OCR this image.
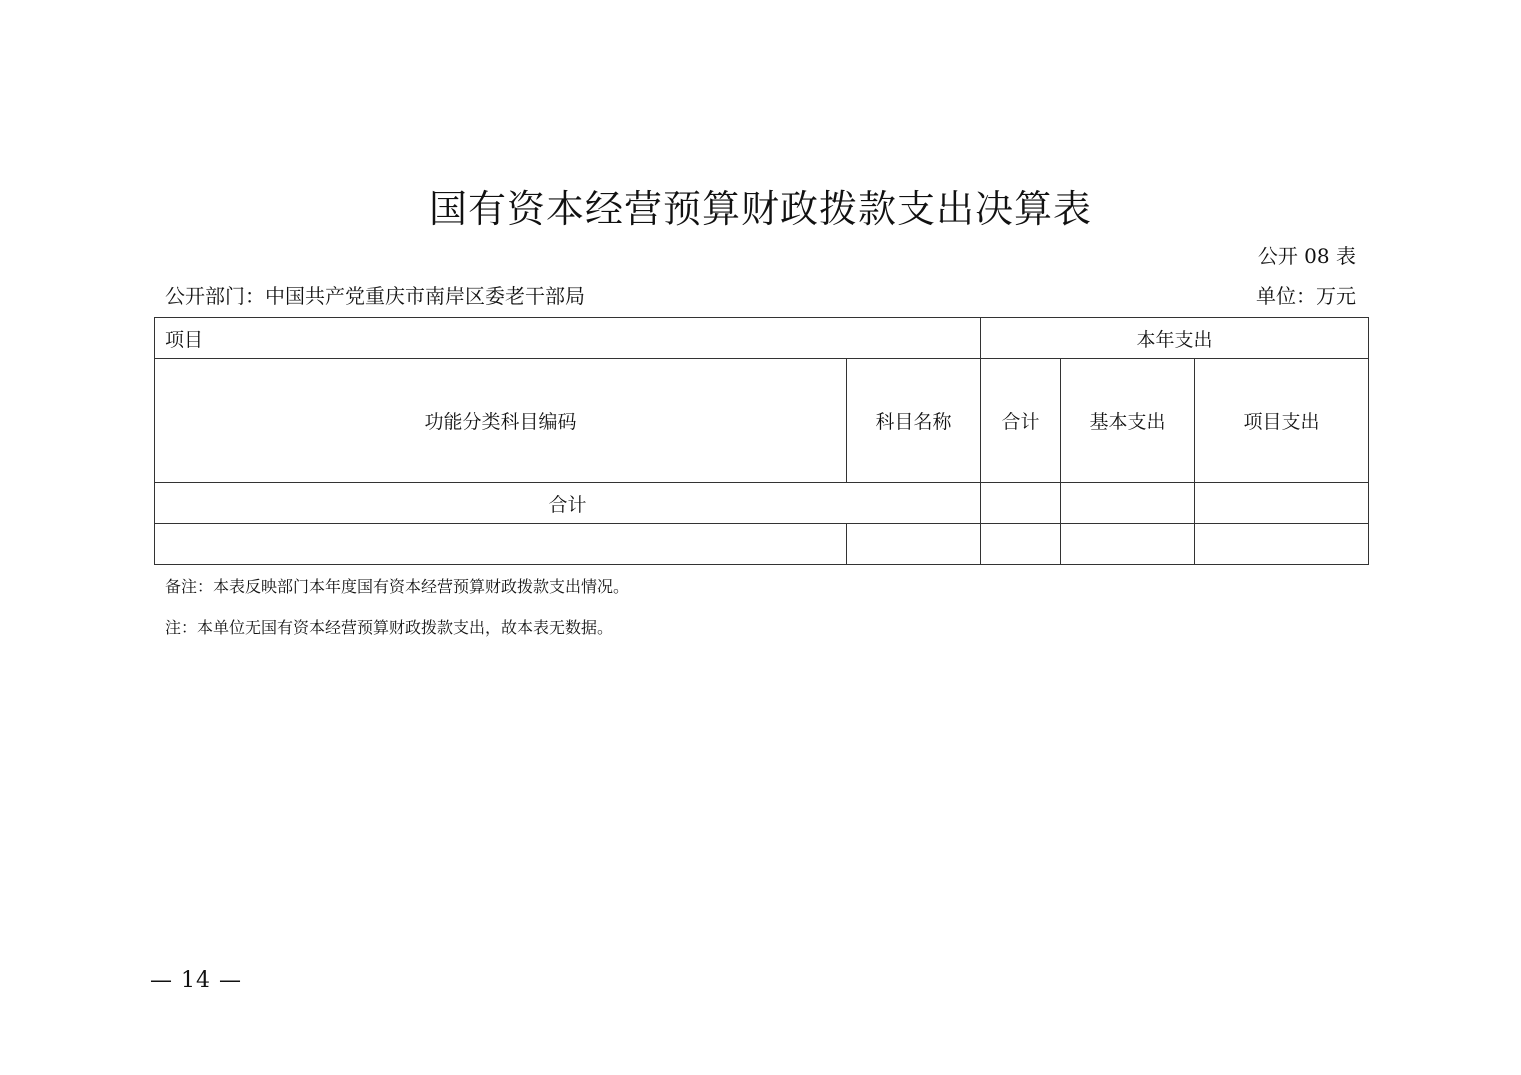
国有资本经营预算财政拨款支出决算表
公开 08 表
公开部门：中国共产党重庆市南岸区委老干部局	单位：万元
项目		本年支出		
功能分类科目编码	科目名称	合计	基本支出	项目支出
合计				

备注：本表反映部门本年度国有资本经营预算财政拨款支出情况。
注：本单位无国有资本经营预算财政拨款支出，故本表无数据。
— 14 —
